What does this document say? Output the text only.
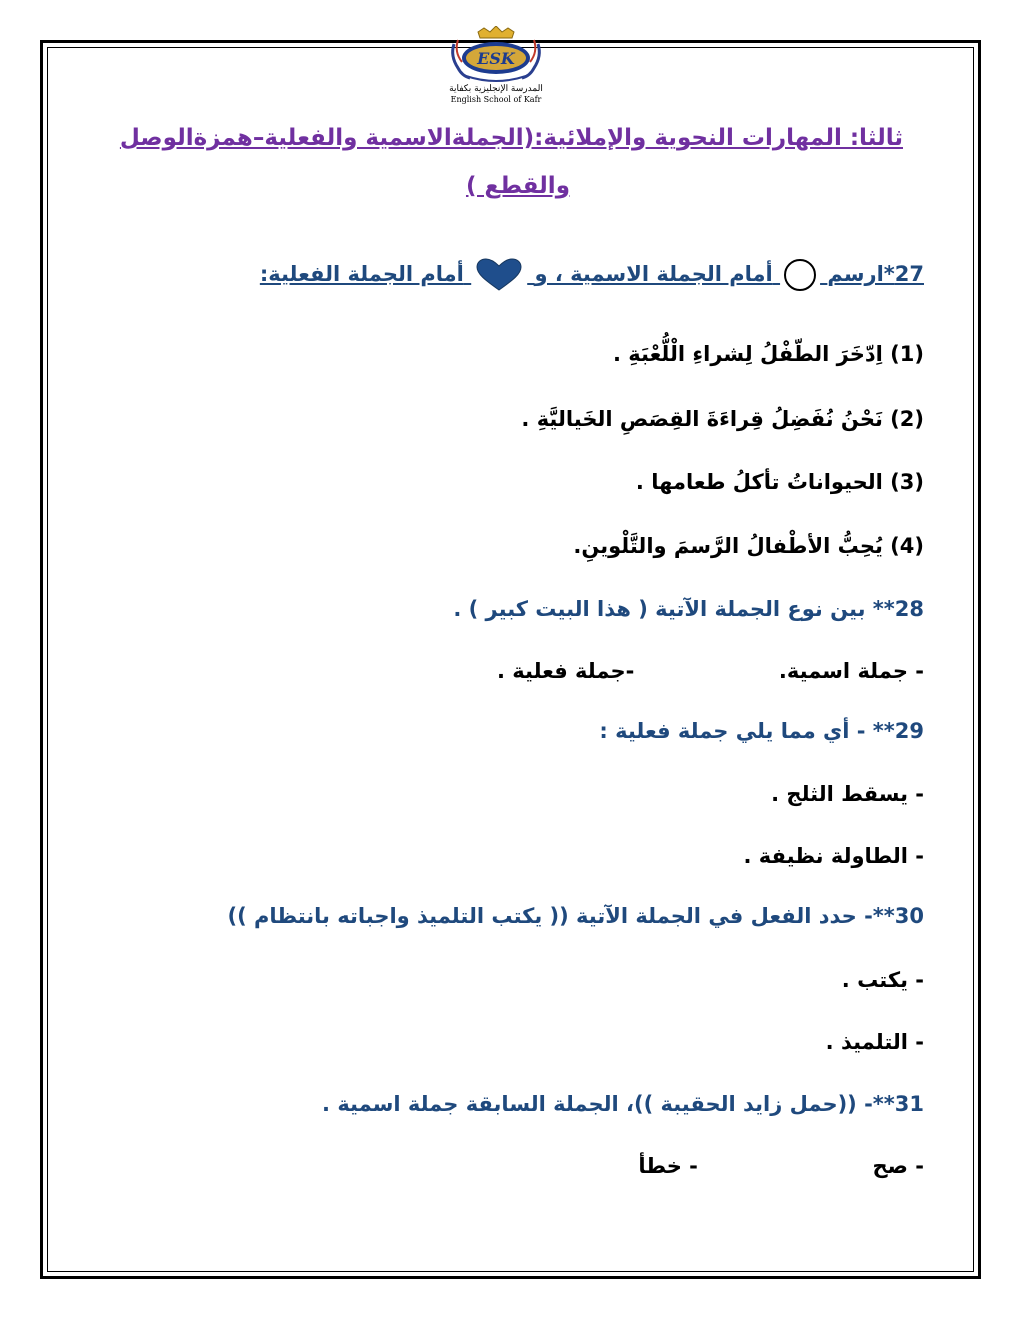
ESK
المدرسة الإنجليزية بكفاية
English School of Kafr
ثالثا: المهارات النحوية والإملائية:(الجملةالاسمية والفعلية–همزةالوصل
والقطع )
27*ارسم  أمام الجملة الاسمية ، و  أمام الجملة الفعلية:
(1) اِدّخَرَ الطّفْلُ لِشراءِ الْلُّعْبَةِ .
(2) نَحْنُ نُفَضِلُ قِراءَةَ القِصَصِ الخَياليَّةِ .
(3) الحيواناتُ تأكلُ طعامها .
(4) يُحِبُّ الأطْفالُ الرَّسمَ والتَّلْوينِ.
28** بين نوع الجملة الآتية ( هذا البيت كبير ) .
- جملة اسمية.  -جملة فعلية .
29** - أي مما يلي جملة فعلية :
- يسقط الثلج .
- الطاولة نظيفة .
30**- حدد الفعل في الجملة الآتية (( يكتب التلميذ واجباته بانتظام ))
- يكتب .
- التلميذ .
31**- ((حمل زايد الحقيبة ))، الجملة السابقة جملة اسمية .
- صح  - خطأ
